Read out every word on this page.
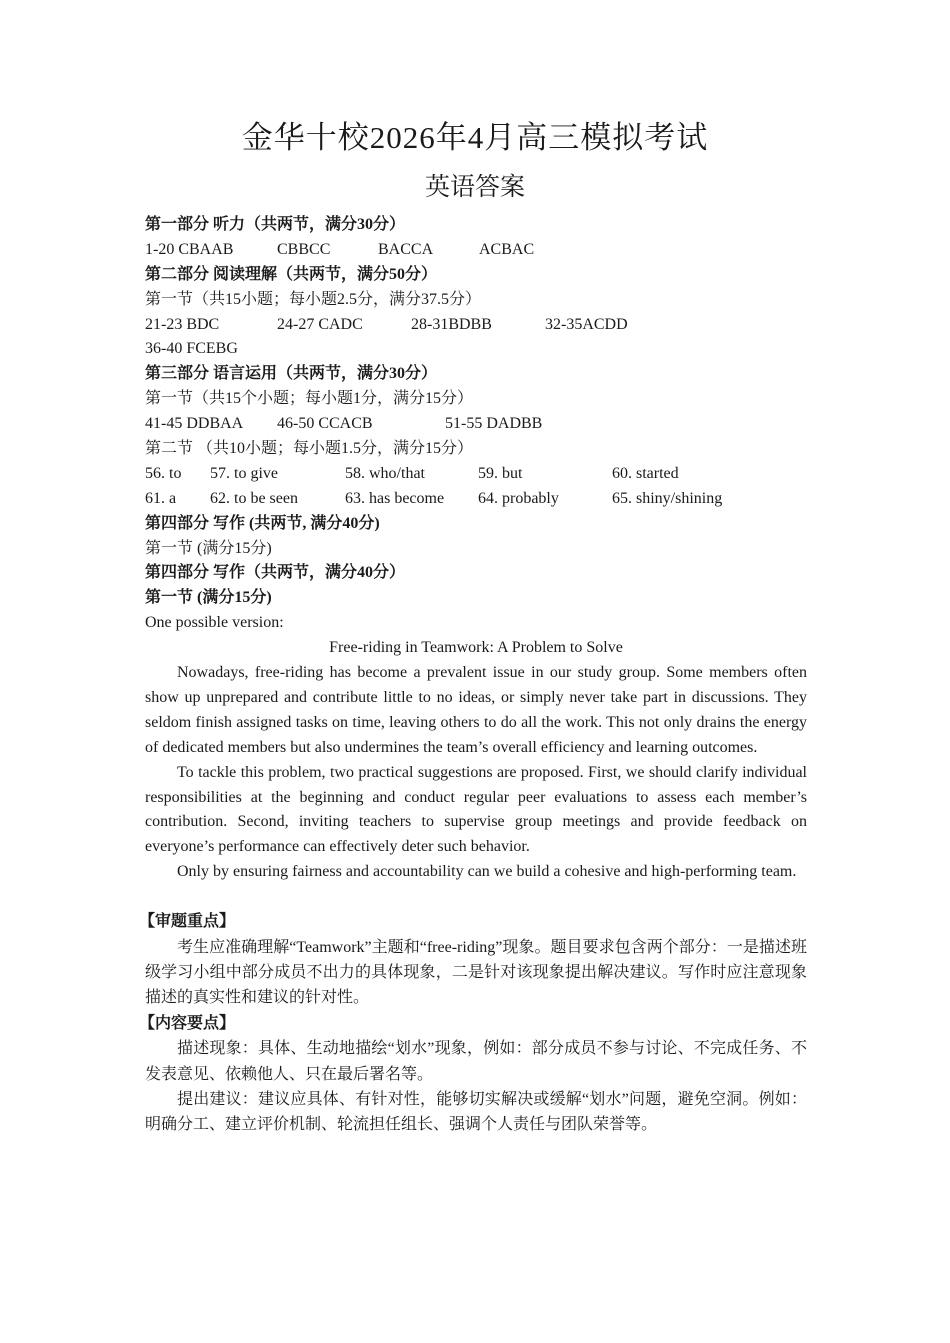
金华十校2026年4月高三模拟考试
英语答案
第一部分 听力（共两节，满分30分）
1-20 CBAAB	CBBCC	BACCA	ACBAC
第二部分 阅读理解（共两节，满分50分）
第一节（共15小题；每小题2.5分，满分37.5分）
21-23 BDC	24-27 CADC	28-31BDBB	32-35ACDD
36-40 FCEBG
第三部分 语言运用（共两节，满分30分）
第一节（共15个小题；每小题1分，满分15分）
41-45 DDBAA 46-50 CCACB	51-55 DADBB
第二节 （共10小题；每小题1.5分，满分15分）
56. to 57. to give	58. who/that	59. but	60. started
61. a 62. to be seen	63. has become 64. probably	65. shiny/shining
第四部分 写作 (共两节, 满分40分)
第一节 (满分15分)
第四部分 写作（共两节，满分40分）
第一节 (满分15分)
One possible version:
Free-riding in Teamwork: A Problem to Solve

Nowadays, free-riding has become a prevalent issue in our study group. Some members often show up unprepared and contribute little to no ideas, or simply never take part in discussions. They seldom finish assigned tasks on time, leaving others to do all the work. This not only drains the energy of dedicated members but also undermines the team’s overall efficiency and learning outcomes.

To tackle this problem, two practical suggestions are proposed. First, we should clarify individual responsibilities at the beginning and conduct regular peer evaluations to assess each member’s contribution. Second, inviting teachers to supervise group meetings and provide feedback on everyone’s performance can effectively deter such behavior.

Only by ensuring fairness and accountability can we build a cohesive and high-performing team.

【审题重点】

考生应准确理解“Teamwork”主题和“free-riding”现象。题目要求包含两个部分：一是描述班级学习小组中部分成员不出力的具体现象，二是针对该现象提出解决建议。写作时应注意现象描述的真实性和建议的针对性。

【内容要点】

描述现象：具体、生动地描绘“划水”现象，例如：部分成员不参与讨论、不完成任务、不发表意见、依赖他人、只在最后署名等。

提出建议：建议应具体、有针对性，能够切实解决或缓解“划水”问题，避免空洞。例如：明确分工、建立评价机制、轮流担任组长、强调个人责任与团队荣誉等。
